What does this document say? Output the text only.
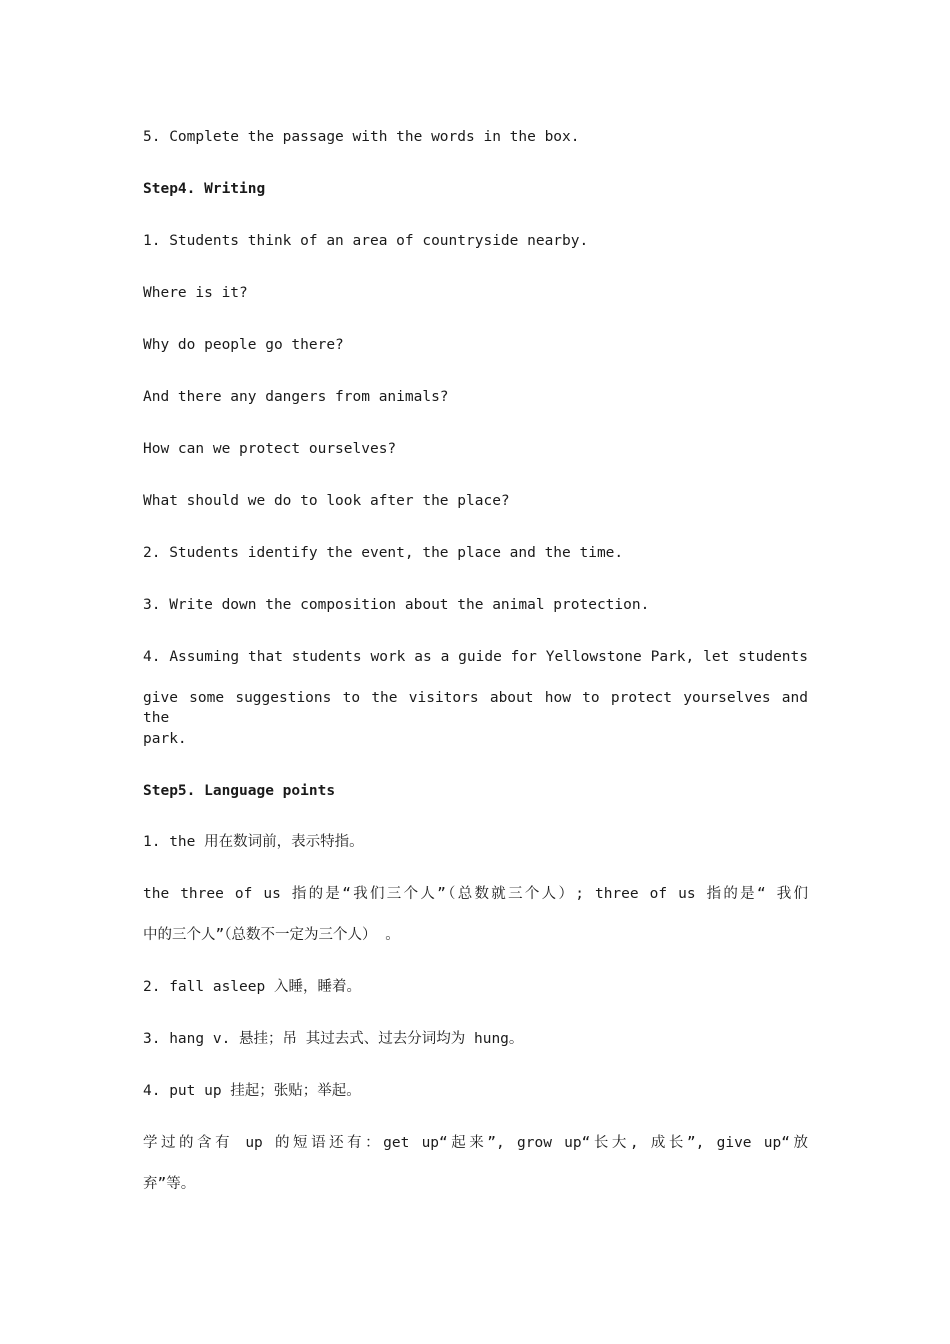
5. Complete the passage with the words in the box.
Step4. Writing
1. Students think of an area of countryside nearby.
Where is it?
Why do people go there?
And there any dangers from animals?
How can we protect ourselves?
What should we do to look after the place?
2. Students identify the event, the place and the time.
3. Write down the composition about the animal protection.
4. Assuming that students work as a guide for Yellowstone Park, let students
give some suggestions to the visitors about how to protect yourselves and the
park.
Step5. Language points
1. the 用在数词前，表示特指。
the three of us 指的是“我们三个人”（总数就三个人）; three of us 指的是“ 我们
中的三个人”（总数不一定为三个人） 。
2. fall asleep 入睡，睡着。
3. hang v. 悬挂；吊 其过去式、过去分词均为 hung。
4. put up 挂起；张贴；举起。
学过的含有 up 的短语还有：get up“起来”, grow up“长大, 成长”, give up“放
弃”等。
